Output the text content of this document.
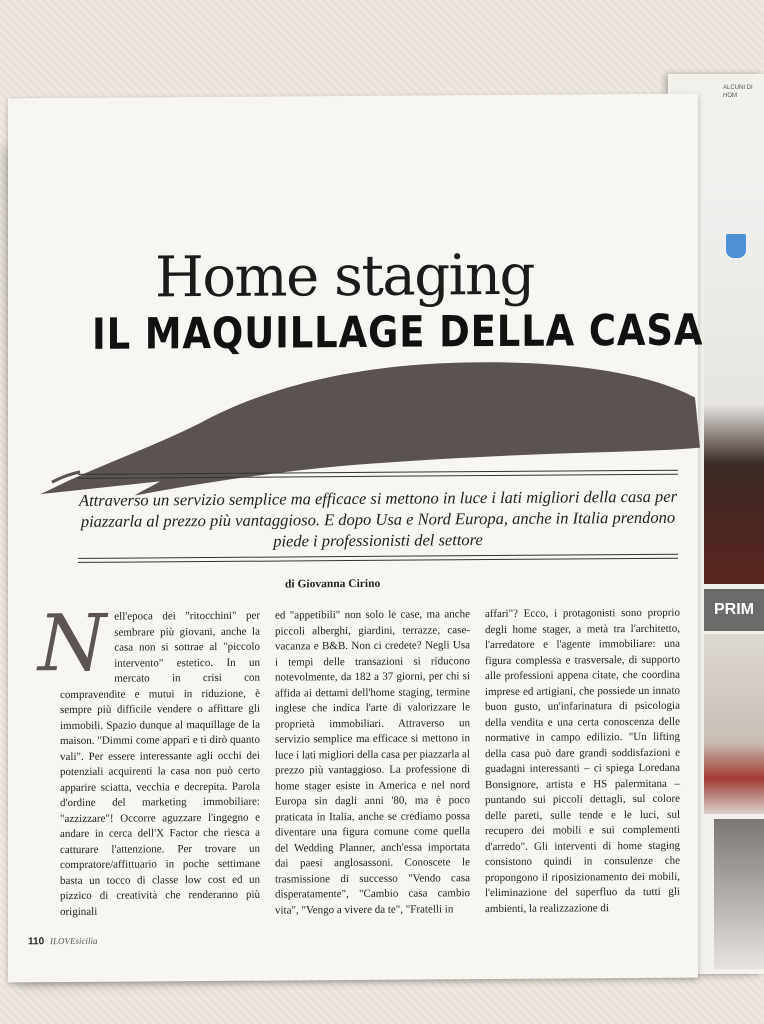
ALCUNI DI HOM
PRIM
Home staging
IL MAQUILLAGE DELLA CASA
Attraverso un servizio semplice ma efficace si mettono in luce i lati migliori della casa per piazzarla al prezzo più vantaggioso. E dopo Usa e Nord Europa, anche in Italia prendono piede i professionisti del settore
di Giovanna Cirino
Nell'epoca dei "ritocchini" per sembrare più giovani, anche la casa non si sottrae al "piccolo intervento" estetico. In un mercato in crisi con compravendite e mutui in riduzione, è sempre più difficile vendere o affittare gli immobili. Spazio dunque al maquillage de la maison. "Dimmi come appari e ti dirò quanto vali". Per essere interessante agli occhi dei potenziali acquirenti la casa non può certo apparire sciatta, vecchia e decrepita. Parola d'ordine del marketing immobiliare: "azzizzare"! Occorre aguzzare l'ingegno e andare in cerca dell'X Factor che riesca a catturare l'attenzione. Per trovare un compratore/affittuario in poche settimane basta un tocco di classe low cost ed un pizzico di creatività che renderanno più originali
ed "appetibili" non solo le case, ma anche piccoli alberghi, giardini, terrazze, case-vacanza e B&B. Non ci credete? Negli Usa i tempi delle transazioni si riducono notevolmente, da 182 a 37 giorni, per chi si affida ai dettami dell'home staging, termine inglese che indica l'arte di valorizzare le proprietà immobiliari. Attraverso un servizio semplice ma efficace si mettono in luce i lati migliori della casa per piazzarla al prezzo più vantaggioso. La professione di home stager esiste in America e nel nord Europa sin dagli anni '80, ma è poco praticata in Italia, anche se crediamo possa diventare una figura comune come quella del Wedding Planner, anch'essa importata dai paesi anglosassoni. Conoscete le trasmissione di successo "Vendo casa disperatamente", "Cambio casa cambio vita", "Vengo a vivere da te", "Fratelli in
affari"? Ecco, i protagonisti sono proprio degli home stager, a metà tra l'architetto, l'arredatore e l'agente immobiliare: una figura complessa e trasversale, di supporto alle professioni appena citate, che coordina imprese ed artigiani, che possiede un innato buon gusto, un'infarinatura di psicologia della vendita e una certa conoscenza delle normative in campo edilizio. "Un lifting della casa può dare grandi soddisfazioni e guadagni interessanti – ci spiega Loredana Bonsignore, artista e HS palermitana – puntando sui piccoli dettagli, sul colore delle pareti, sulle tende e le luci, sul recupero dei mobili e sui complementi d'arredo". Gli interventi di home staging consistono quindi in consulenze che propongono il riposizionamento dei mobili, l'eliminazione del superfluo da tutti gli ambienti, la realizzazione di
110 ILOVEsicilia
